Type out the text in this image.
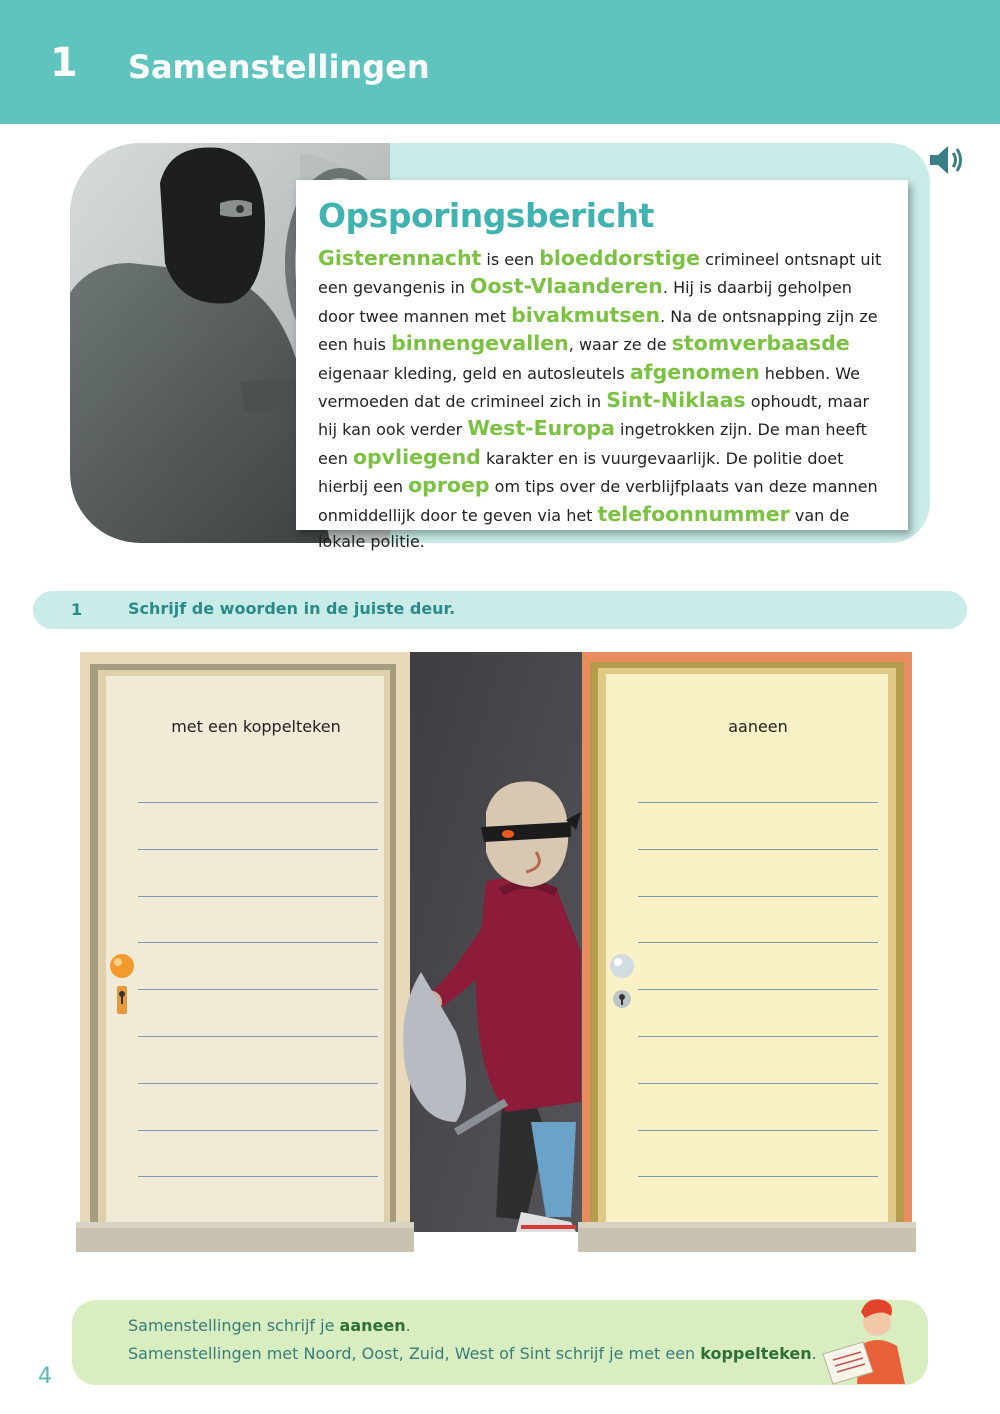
1 Samenstellingen
Opsporingsbericht
Gisterennacht is een bloeddorstige crimineel ontsnapt uit een gevangenis in Oost-Vlaanderen. Hij is daarbij geholpen door twee mannen met bivakmutsen. Na de ontsnapping zijn ze een huis binnengevallen, waar ze de stomverbaasde eigenaar kleding, geld en autosleutels afgenomen hebben. We vermoeden dat de crimineel zich in Sint-Niklaas ophoudt, maar hij kan ook verder West-Europa ingetrokken zijn. De man heeft een opvliegend karakter en is vuurgevaarlijk. De politie doet hierbij een oproep om tips over de verblijfplaats van deze mannen onmiddellijk door te geven via het telefoonnummer van de lokale politie.
1	Schrijf de woorden in de juiste deur.
met een koppelteken	aaneen
Samenstellingen schrijf je aaneen.
Samenstellingen met Noord, Oost, Zuid, West of Sint schrijf je met een koppelteken.
4
